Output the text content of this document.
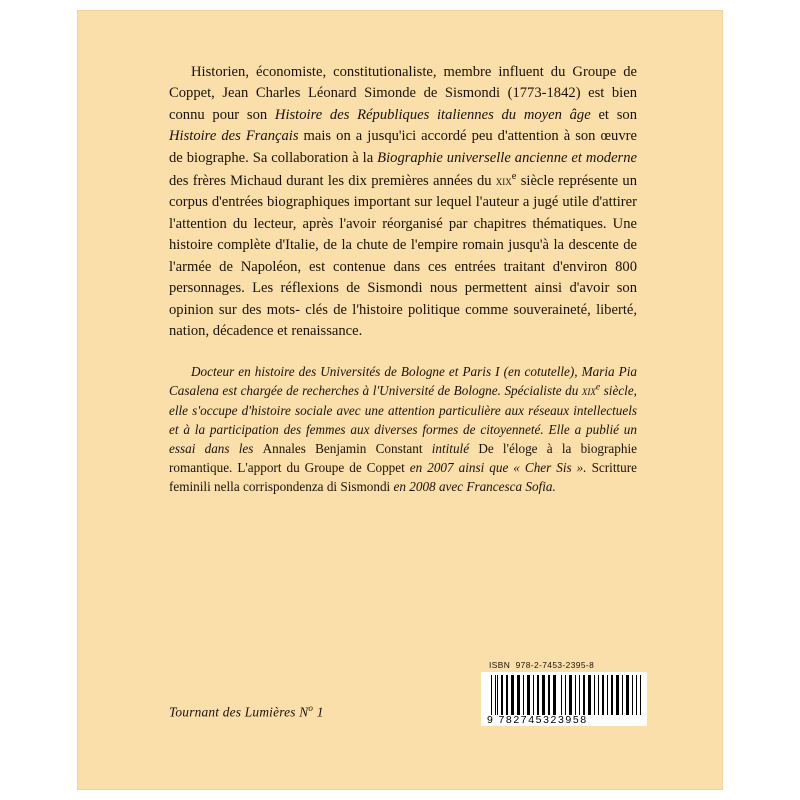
Historien, économiste, constitutionaliste, membre influent du Groupe de Coppet, Jean Charles Léonard Simonde de Sismondi (1773-1842) est bien connu pour son Histoire des Républiques italiennes du moyen âge et son Histoire des Français mais on a jusqu'ici accordé peu d'attention à son œuvre de biographe. Sa collaboration à la Biographie universelle ancienne et moderne des frères Michaud durant les dix premières années du xix$^e$ siècle représente un corpus d'entrées biographiques important sur lequel l'auteur a jugé utile d'attirer l'attention du lecteur, après l'avoir réorganisé par chapitres thématiques. Une histoire complète d'Italie, de la chute de l'empire romain jusqu'à la descente de l'armée de Napoléon, est contenue dans ces entrées traitant d'environ 800 personnages. Les réflexions de Sismondi nous permettent ainsi d'avoir son opinion sur des mots- clés de l'histoire politique comme souveraineté, liberté, nation, décadence et renaissance.

Docteur en histoire des Universités de Bologne et Paris I (en cotutelle), Maria Pia Casalena est chargée de recherches à l'Université de Bologne. Spécialiste du xix$^e$ siècle, elle s'occupe d'histoire sociale avec une attention particulière aux réseaux intellectuels et à la participation des femmes aux diverses formes de citoyenneté. Elle a publié un essai dans les Annales Benjamin Constant intitulé De l'éloge à la biographie romantique. L'apport du Groupe de Coppet en 2007 ainsi que « Cher Sis ». Scritture feminili nella corrispondenza di Sismondi en 2008 avec Francesca Sofia.

Tournant des Lumières $N^o$ 1
ISBN 978-2-7453-2395-8
9 782745323958
